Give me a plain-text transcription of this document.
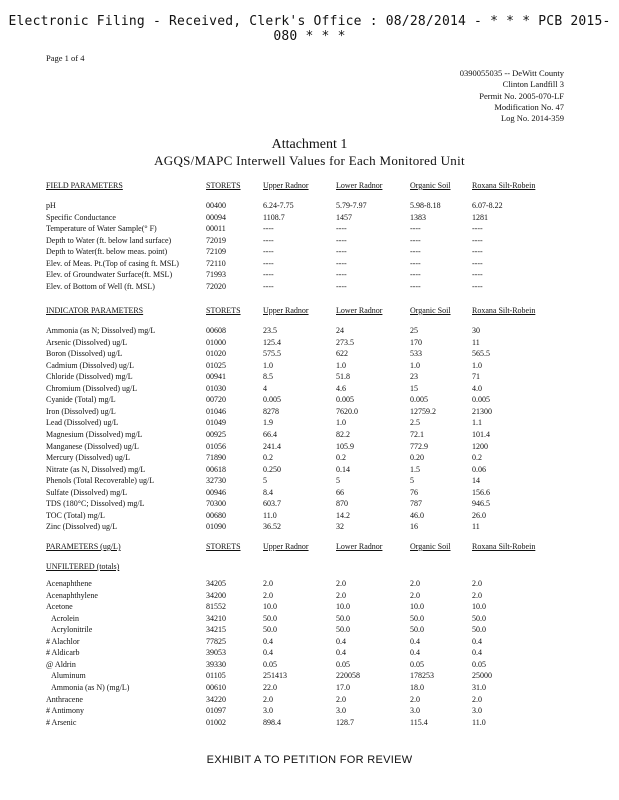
Electronic Filing - Received, Clerk's Office : 08/28/2014 - * * * PCB 2015-080 * * *
Page 1 of 4
0390055035 -- DeWitt County
Clinton Landfill 3
Permit No. 2005-070-LF
Modification No. 47
Log No. 2014-359
Attachment 1
AGQS/MAPC Interwell Values for Each Monitored Unit
FIELD PARAMETERS	STORETS	Upper Radnor	Lower Radnor	Organic Soil	Roxana Silt-Robein
pH	00400	6.24-7.75	5.79-7.97	5.98-8.18	6.07-8.22
Specific Conductance	00094	1108.7	1457	1383	1281
Temperature of Water Sample(° F)	00011	----	----	----	----
Depth to Water (ft. below land surface)	72019	----	----	----	----
Depth to Water(ft. below meas. point)	72109	----	----	----	----
Elev. of Meas. Pt.(Top of casing ft. MSL)	72110	----	----	----	----
Elev. of Groundwater Surface(ft. MSL)	71993	----	----	----	----
Elev. of Bottom of Well (ft. MSL)	72020	----	----	----	----
INDICATOR PARAMETERS	STORETS	Upper Radnor	Lower Radnor	Organic Soil	Roxana Silt-Robein
Ammonia (as N; Dissolved) mg/L	00608	23.5	24	25	30
Arsenic (Dissolved) ug/L	01000	125.4	273.5	170	11
Boron (Dissolved) ug/L	01020	575.5	622	533	565.5
Cadmium (Dissolved) ug/L	01025	1.0	1.0	1.0	1.0
Chloride (Dissolved) mg/L	00941	8.5	51.8	23	71
Chromium (Dissolved) ug/L	01030	4	4.6	15	4.0
Cyanide (Total) mg/L	00720	0.005	0.005	0.005	0.005
Iron (Dissolved) ug/L	01046	8278	7620.0	12759.2	21300
Lead (Dissolved) ug/L	01049	1.9	1.0	2.5	1.1
Magnesium (Dissolved) mg/L	00925	66.4	82.2	72.1	101.4
Manganese (Dissolved) ug/L	01056	241.4	105.9	772.9	1200
Mercury (Dissolved) ug/L	71890	0.2	0.2	0.20	0.2
Nitrate (as N, Dissolved) mg/L	00618	0.250	0.14	1.5	0.06
Phenols (Total Recoverable) ug/L	32730	5	5	5	14
Sulfate (Dissolved) mg/L	00946	8.4	66	76	156.6
TDS (180°C; Dissolved) mg/L	70300	603.7	870	787	946.5
TOC (Total) mg/L	00680	11.0	14.2	46.0	26.0
Zinc (Dissolved) ug/L	01090	36.52	32	16	11
PARAMETERS (ug/L)	STORETS	Upper Radnor	Lower Radnor	Organic Soil	Roxana Silt-Robein
UNFILTERED (totals)
Acenaphthene	34205	2.0	2.0	2.0	2.0
Acenaphthylene	34200	2.0	2.0	2.0	2.0
Acetone	81552	10.0	10.0	10.0	10.0
Acrolein	34210	50.0	50.0	50.0	50.0
Acrylonitrile	34215	50.0	50.0	50.0	50.0
# Alachlor	77825	0.4	0.4	0.4	0.4
# Aldicarb	39053	0.4	0.4	0.4	0.4
@ Aldrin	39330	0.05	0.05	0.05	0.05
Aluminum	01105	251413	220058	178253	25000
Ammonia (as N) (mg/L)	00610	22.0	17.0	18.0	31.0
Anthracene	34220	2.0	2.0	2.0	2.0
# Antimony	01097	3.0	3.0	3.0	3.0
# Arsenic	01002	898.4	128.7	115.4	11.0
EXHIBIT A TO PETITION FOR REVIEW
